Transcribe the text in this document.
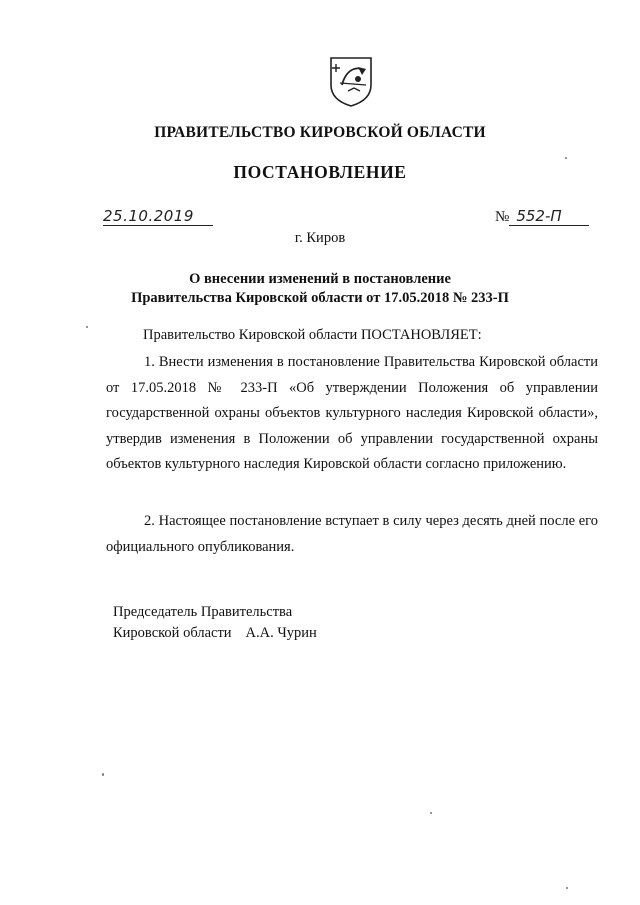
ПРАВИТЕЛЬСТВО КИРОВСКОЙ ОБЛАСТИ
ПОСТАНОВЛЕНИЕ
25.10.2019	№ 552-П
г. Киров
О внесении изменений в постановление
Правительства Кировской области от 17.05.2018 № 233-П
Правительство Кировской области ПОСТАНОВЛЯЕТ:
1. Внести изменения в постановление Правительства Кировской области от 17.05.2018 № 233-П «Об утверждении Положения об управлении государственной охраны объектов культурного наследия Кировской области», утвердив изменения в Положении об управлении государственной охраны объектов культурного наследия Кировской области согласно приложению.
2. Настоящее постановление вступает в силу через десять дней после его официального опубликования.
Председатель Правительства
Кировской области А.А. Чурин
